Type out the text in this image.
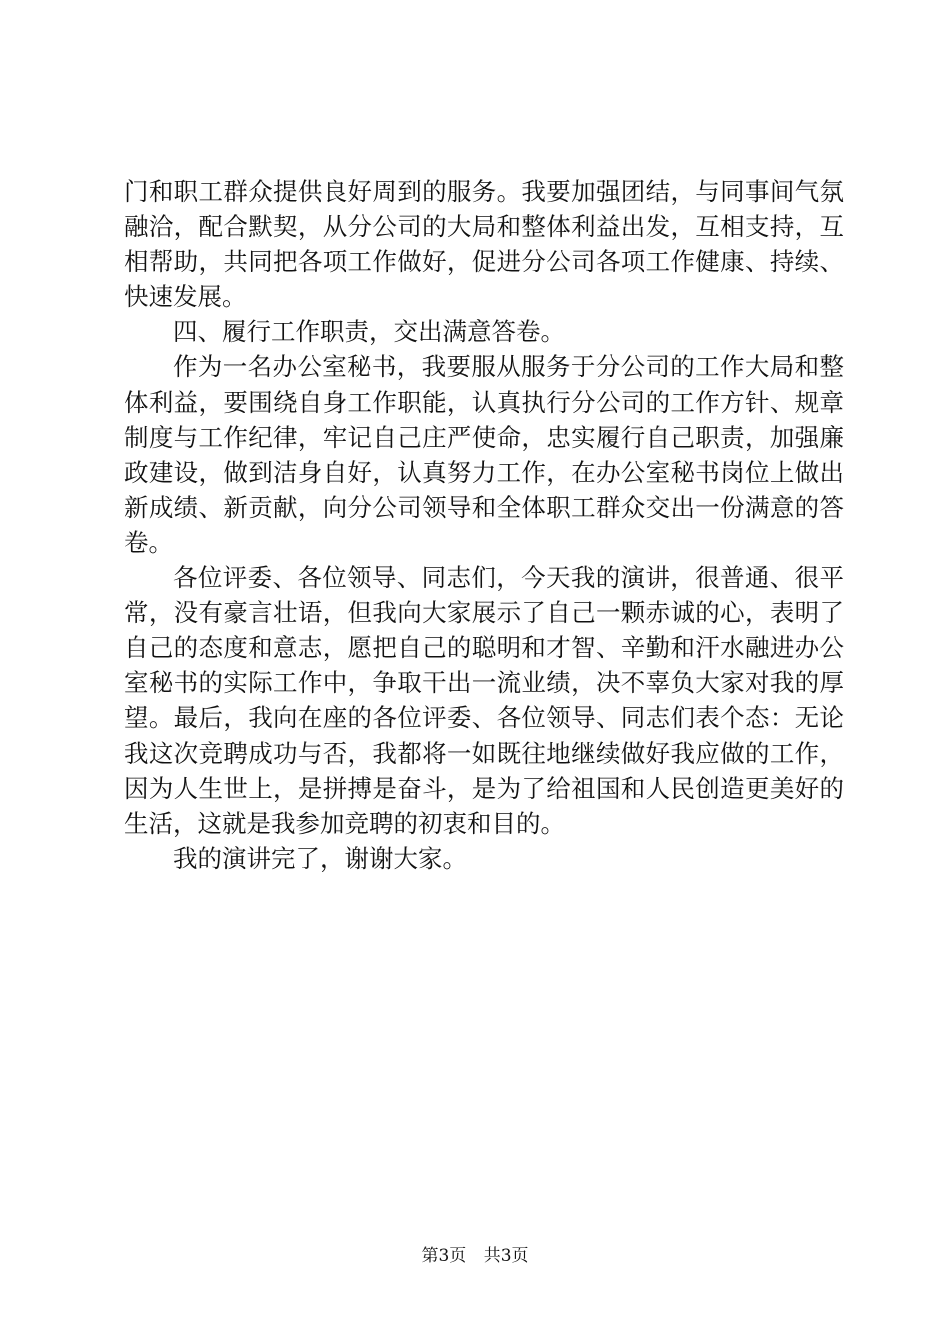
门和职工群众提供良好周到的服务。我要加强团结，与同事间气氛融洽，配合默契，从分公司的大局和整体利益出发，互相支持，互相帮助，共同把各项工作做好，促进分公司各项工作健康、持续、快速发展。

四、履行工作职责，交出满意答卷。

作为一名办公室秘书，我要服从服务于分公司的工作大局和整体利益，要围绕自身工作职能，认真执行分公司的工作方针、规章制度与工作纪律，牢记自己庄严使命，忠实履行自己职责，加强廉政建设，做到洁身自好，认真努力工作，在办公室秘书岗位上做出新成绩、新贡献，向分公司领导和全体职工群众交出一份满意的答卷。

各位评委、各位领导、同志们，今天我的演讲，很普通、很平常，没有豪言壮语，但我向大家展示了自己一颗赤诚的心，表明了自己的态度和意志，愿把自己的聪明和才智、辛勤和汗水融进办公室秘书的实际工作中，争取干出一流业绩，决不辜负大家对我的厚望。最后，我向在座的各位评委、各位领导、同志们表个态：无论我这次竞聘成功与否，我都将一如既往地继续做好我应做的工作，因为人生世上，是拼搏是奋斗，是为了给祖国和人民创造更美好的生活，这就是我参加竞聘的初衷和目的。

我的演讲完了，谢谢大家。

第3页 共3页
